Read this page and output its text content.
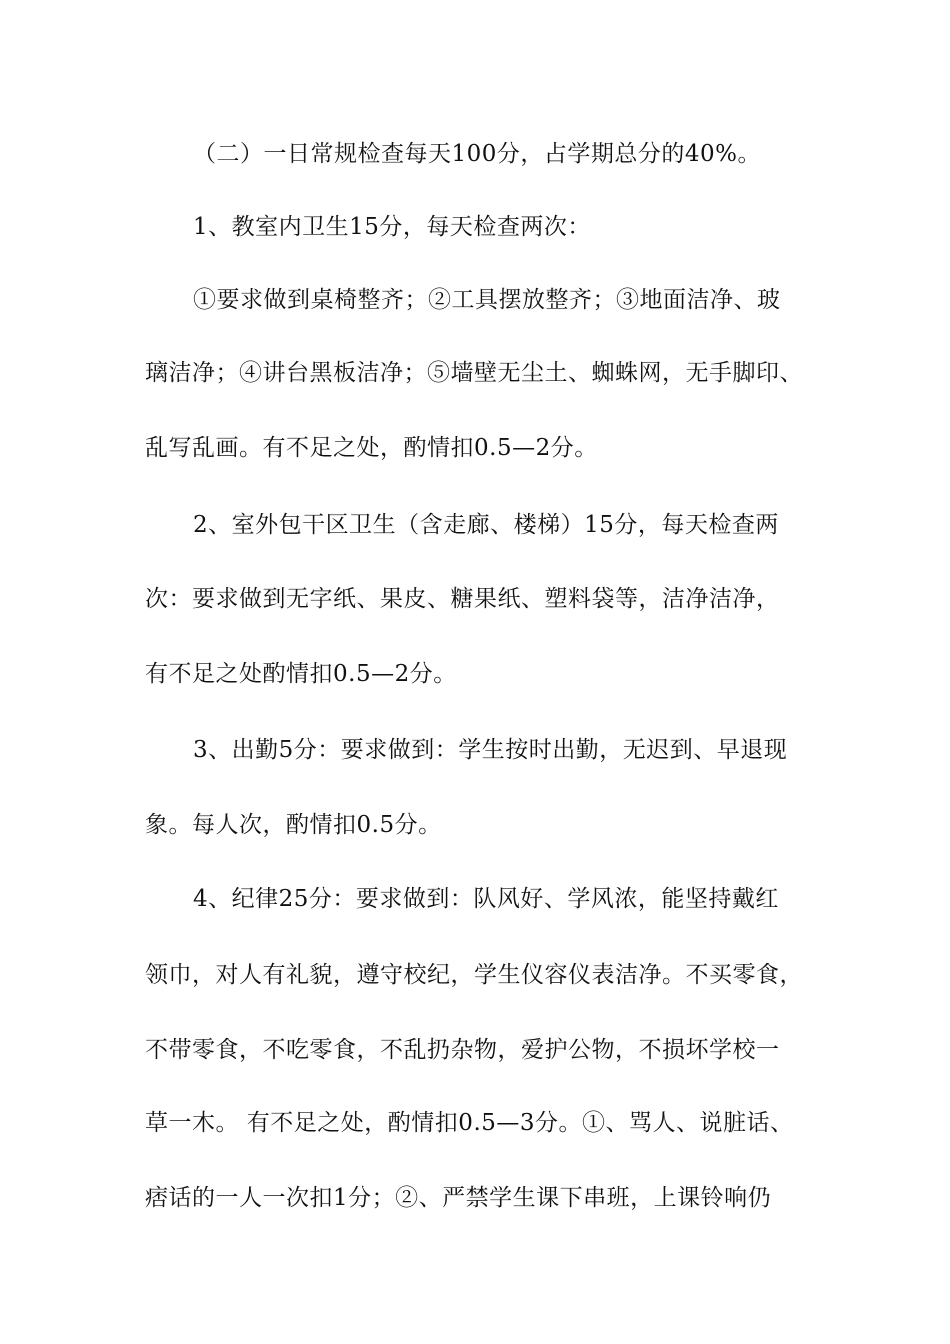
（二）一日常规检查每天100分，占学期总分的40%。
1、教室内卫生15分，每天检查两次：
①要求做到桌椅整齐；②工具摆放整齐；③地面洁净、玻
璃洁净；④讲台黑板洁净；⑤墙壁无尘土、蜘蛛网，无手脚印、
乱写乱画。有不足之处，酌情扣0.5—2分。
2、室外包干区卫生（含走廊、楼梯）15分，每天检查两
次：要求做到无字纸、果皮、糖果纸、塑料袋等，洁净洁净，
有不足之处酌情扣0.5—2分。
3、出勤5分：要求做到：学生按时出勤，无迟到、早退现
象。每人次，酌情扣0.5分。
4、纪律25分：要求做到：队风好、学风浓，能坚持戴红
领巾，对人有礼貌，遵守校纪，学生仪容仪表洁净。不买零食，
不带零食，不吃零食，不乱扔杂物，爱护公物，不损坏学校一
草一木。 有不足之处，酌情扣0.5—3分。①、骂人、说脏话、
痞话的一人一次扣1分；②、严禁学生课下串班，上课铃响仍
